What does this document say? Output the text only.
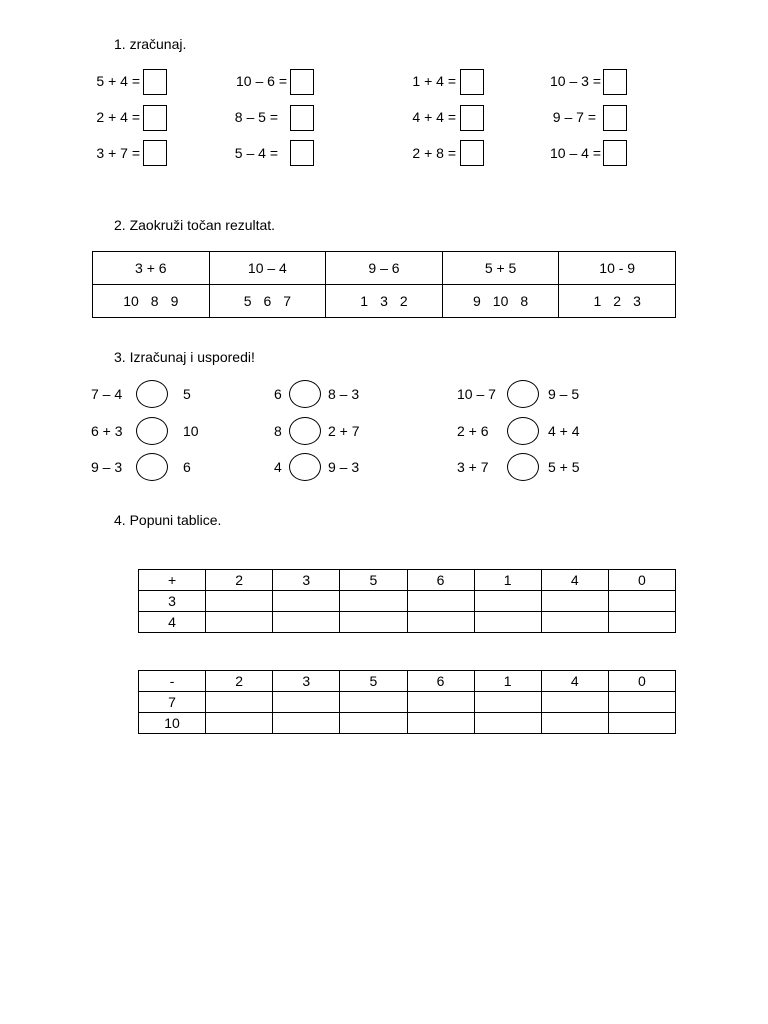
1. zračunaj.
5 + 4 =	10 – 6 =	1 + 4 =	10 – 3 =
2 + 4 =	8 – 5 =	4 + 4 =	9 – 7 =
3 + 7 =	5 – 4 =	2 + 8 =	10 – 4 =
2. Zaokruži točan rezultat.
3 + 6	10 – 4	9 – 6	5 + 5	10 - 9
10 8 9	5 6 7	1 3 2	9 10 8	1 2 3
3. Izračunaj i usporedi!
7 – 4	5	6	8 – 3	10 – 7	9 – 5
6 + 3	10	8	2 + 7	2 + 6	4 + 4
9 – 3	6	4	9 – 3	3 + 7	5 + 5
4. Popuni tablice.
+	2	3	5	6	1	4	0
3							
4							
-	2	3	5	6	1	4	0
7							
10							
